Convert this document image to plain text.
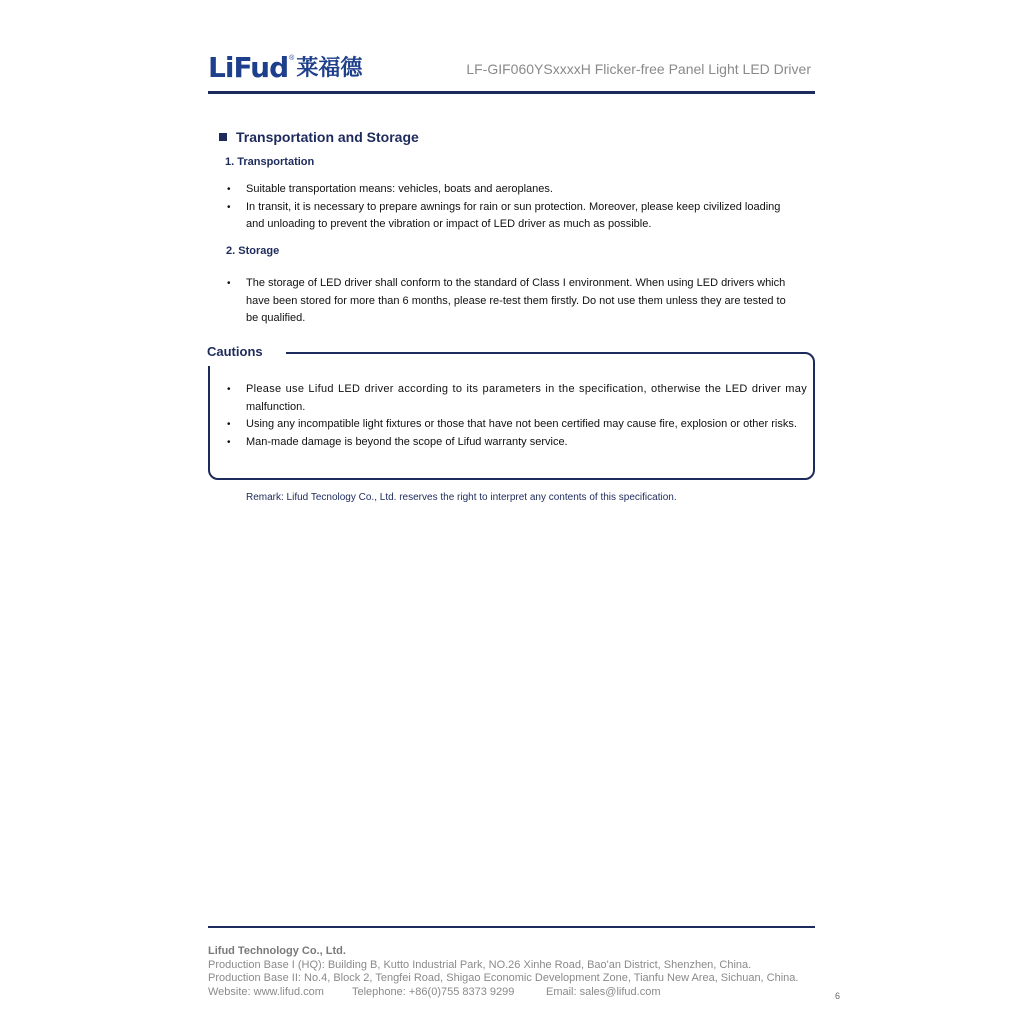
LiFud ® 莱福德	LF-GIF060YSxxxxH Flicker-free Panel Light LED Driver
Transportation and Storage
1. Transportation
• Suitable transportation means: vehicles, boats and aeroplanes.
• In transit, it is necessary to prepare awnings for rain or sun protection. Moreover, please keep civilized loading and unloading to prevent the vibration or impact of LED driver as much as possible.
2. Storage
• The storage of LED driver shall conform to the standard of Class I environment. When using LED drivers which have been stored for more than 6 months, please re-test them firstly. Do not use them unless they are tested to be qualified.
Cautions
• Please use Lifud LED driver according to its parameters in the specification, otherwise the LED driver may
malfunction.
• Using any incompatible light fixtures or those that have not been certified may cause fire, explosion or other risks.
• Man-made damage is beyond the scope of Lifud warranty service.
Remark: Lifud Tecnology Co., Ltd. reserves the right to interpret any contents of this specification.
Lifud Technology Co., Ltd.
Production Base I (HQ): Building B, Kutto Industrial Park, NO.26 Xinhe Road, Bao'an District, Shenzhen, China.
Production Base II: No.4, Block 2, Tengfei Road, Shigao Economic Development Zone, Tianfu New Area, Sichuan, China.
Website: www.lifud.com	Telephone: +86(0)755 8373 9299	Email: sales@lifud.com	6
